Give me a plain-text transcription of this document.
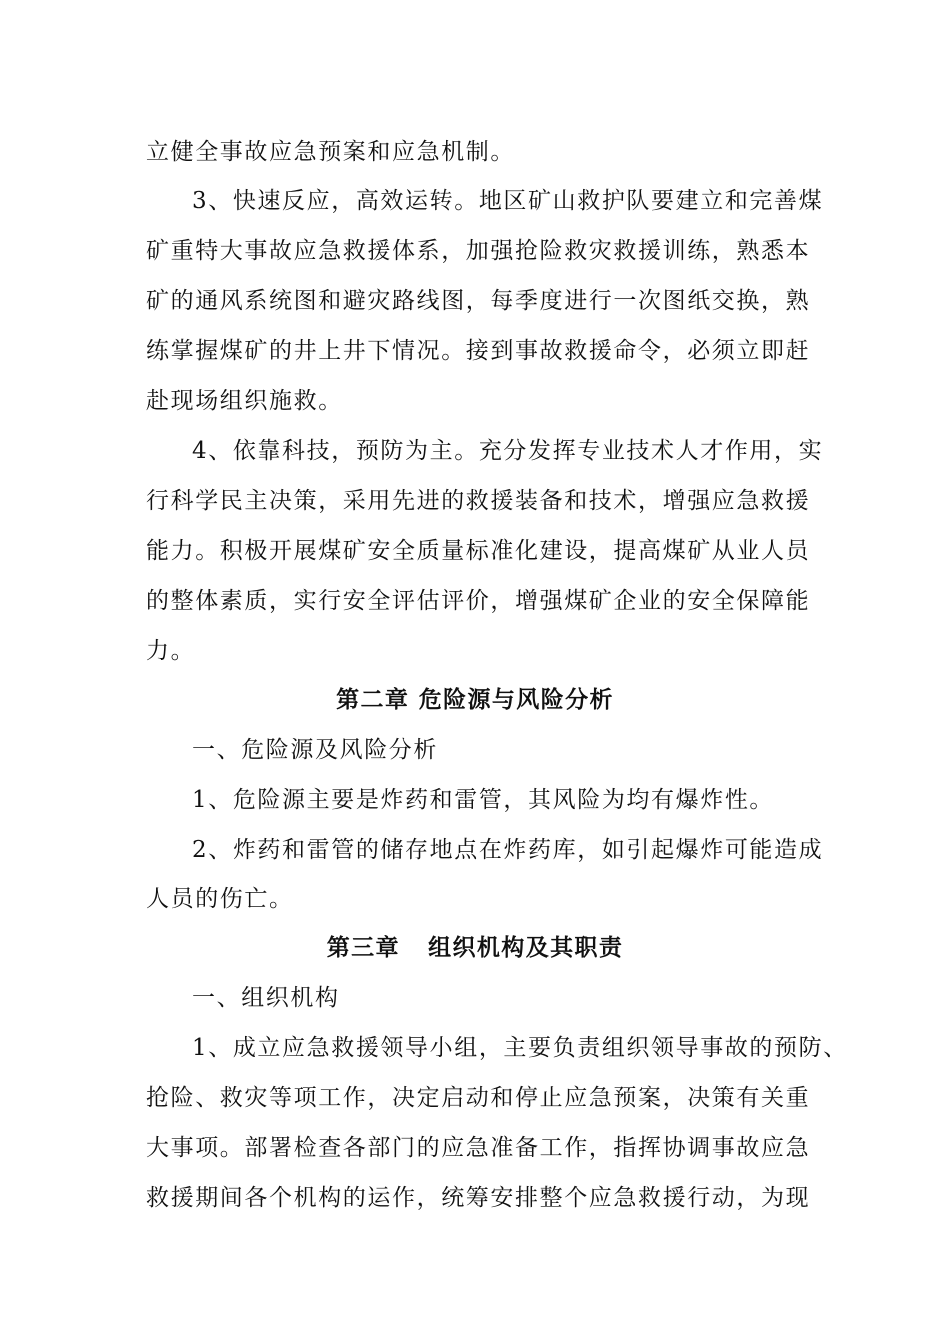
立健全事故应急预案和应急机制。
3、快速反应，高效运转。地区矿山救护队要建立和完善煤
矿重特大事故应急救援体系，加强抢险救灾救援训练，熟悉本
矿的通风系统图和避灾路线图，每季度进行一次图纸交换，熟
练掌握煤矿的井上井下情况。接到事故救援命令，必须立即赶
赴现场组织施救。
4、依靠科技，预防为主。充分发挥专业技术人才作用，实
行科学民主决策，采用先进的救援装备和技术，增强应急救援
能力。积极开展煤矿安全质量标准化建设，提高煤矿从业人员
的整体素质，实行安全评估评价，增强煤矿企业的安全保障能
力。
第二章 危险源与风险分析
一、危险源及风险分析
1、危险源主要是炸药和雷管，其风险为均有爆炸性。
2、炸药和雷管的储存地点在炸药库，如引起爆炸可能造成
人员的伤亡。
第三章   组织机构及其职责
一、组织机构
1、成立应急救援领导小组，主要负责组织领导事故的预防、
抢险、救灾等项工作，决定启动和停止应急预案，决策有关重
大事项。部署检查各部门的应急准备工作，指挥协调事故应急
救援期间各个机构的运作，统筹安排整个应急救援行动，为现
